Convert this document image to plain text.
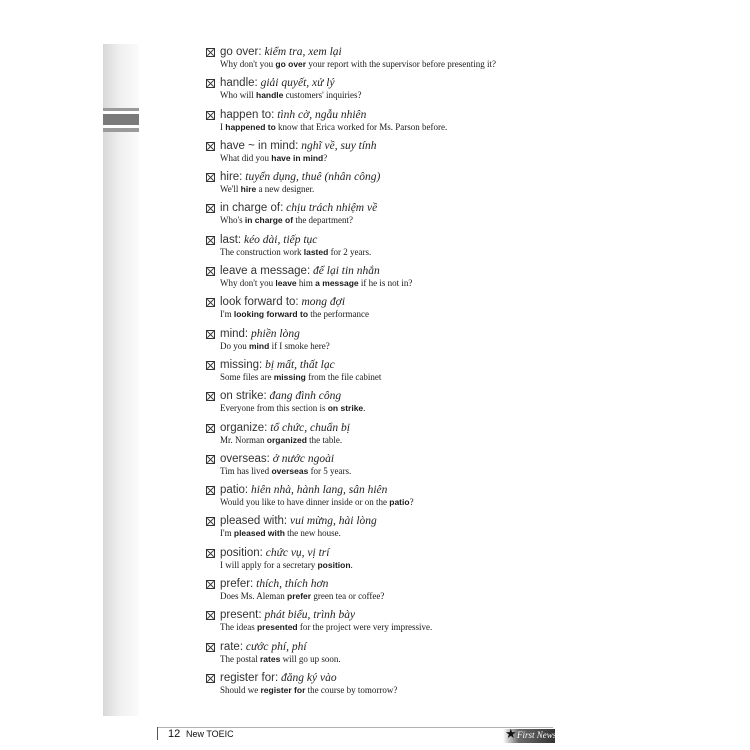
go over: kiểm tra, xem lại
Why don't you go over your report with the supervisor before presenting it?
handle: giải quyết, xử lý
Who will handle customers' inquiries?
happen to: tình cờ, ngẫu nhiên
I happened to know that Erica worked for Ms. Parson before.
have ~ in mind: nghĩ về, suy tính
What did you have in mind?
hire: tuyển dụng, thuê (nhân công)
We'll hire a new designer.
in charge of: chịu trách nhiệm về
Who's in charge of the department?
last: kéo dài, tiếp tục
The construction work lasted for 2 years.
leave a message: để lại tin nhắn
Why don't you leave him a message if he is not in?
look forward to: mong đợi
I'm looking forward to the performance
mind: phiền lòng
Do you mind if I smoke here?
missing: bị mất, thất lạc
Some files are missing from the file cabinet
on strike: đang đình công
Everyone from this section is on strike.
organize: tổ chức, chuẩn bị
Mr. Norman organized the table.
overseas: ở nước ngoài
Tim has lived overseas for 5 years.
patio: hiên nhà, hành lang, sân hiên
Would you like to have dinner inside or on the patio?
pleased with: vui mừng, hài lòng
I'm pleased with the new house.
position: chức vụ, vị trí
I will apply for a secretary position.
prefer: thích, thích hơn
Does Ms. Aleman prefer green tea or coffee?
present: phát biểu, trình bày
The ideas presented for the project were very impressive.
rate: cước phí, phí
The postal rates will go up soon.
register for: đăng ký vào
Should we register for the course by tomorrow?
12 New TOEIC	★ First News
